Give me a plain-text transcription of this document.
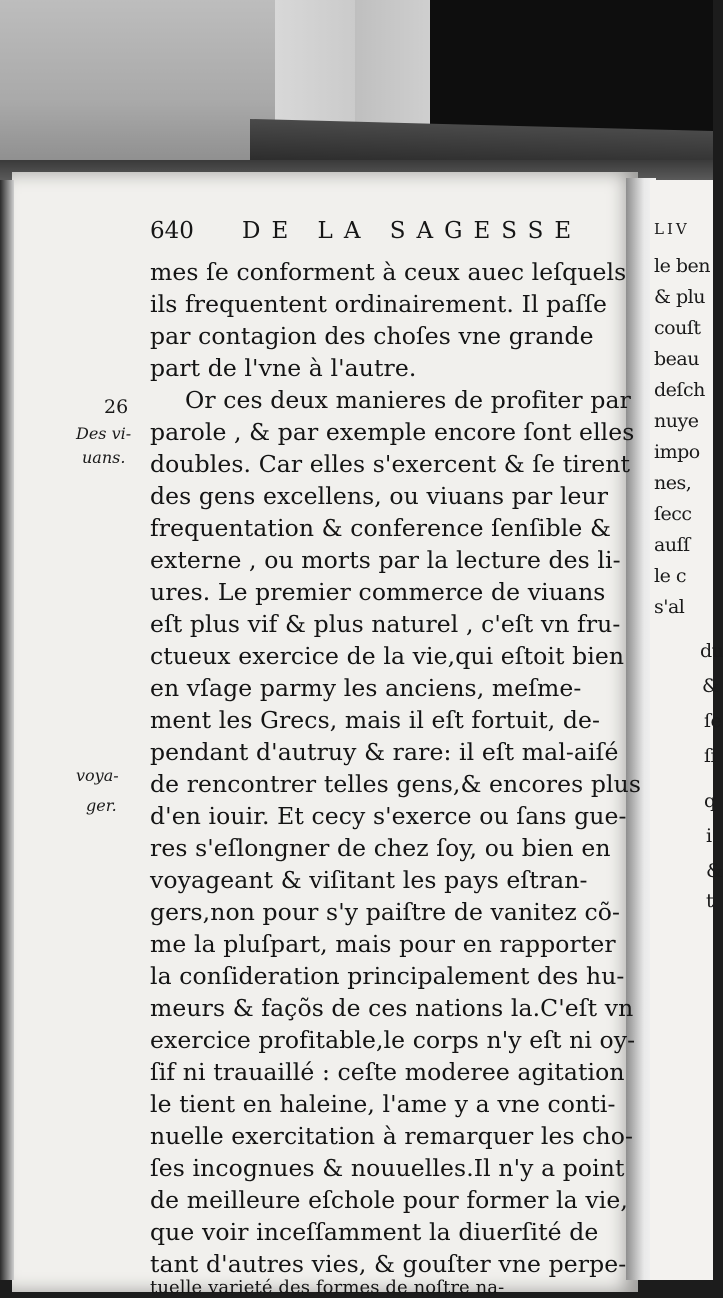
LIV
le ben
& plu
couſt
beau
deſch
nuye
impo
nes,
ſecc
auſſ
le c
s'al
du
&
ſe
ſi
q
i
&
t
640 DE LA SAGESSE
mes ſe conforment à ceux auec leſquels
ils frequentent ordinairement. Il paſſe
par contagion des choſes vne grande
part de l'vne à l'autre.
Or ces deux manieres de profiter par
parole , & par exemple encore ſont elles
doubles. Car elles s'exercent & ſe tirent
des gens excellens, ou viuans par leur
frequentation & conference ſenſible &
externe , ou morts par la lecture des li-
ures. Le premier commerce de viuans
eſt plus vif & plus naturel , c'eſt vn fru-
ctueux exercice de la vie,qui eſtoit bien
en vſage parmy les anciens, meſme-
ment les Grecs, mais il eſt fortuit, de-
pendant d'autruy & rare: il eſt mal-aiſé
de rencontrer telles gens,& encores plus
d'en iouir. Et cecy s'exerce ou ſans gue-
res s'eſlongner de chez ſoy, ou bien en
voyageant & viſitant les pays eſtran-
gers,non pour s'y paiſtre de vanitez cõ-
me la pluſpart, mais pour en rapporter
la conſideration principalement des hu-
meurs & façõs de ces nations la.C'eſt vn
exercice profitable,le corps n'y eſt ni oy-
ſif ni trauaillé : ceſte moderee agitation
le tient en haleine, l'ame y a vne conti-
nuelle exercitation à remarquer les cho-
ſes incognues & nouuelles.Il n'y a point
de meilleure eſchole pour former la vie,
que voir inceſſamment la diuerſité de
tant d'autres vies, & gouſter vne perpe-
26
Des vi-
uans.
voya-
ger.
